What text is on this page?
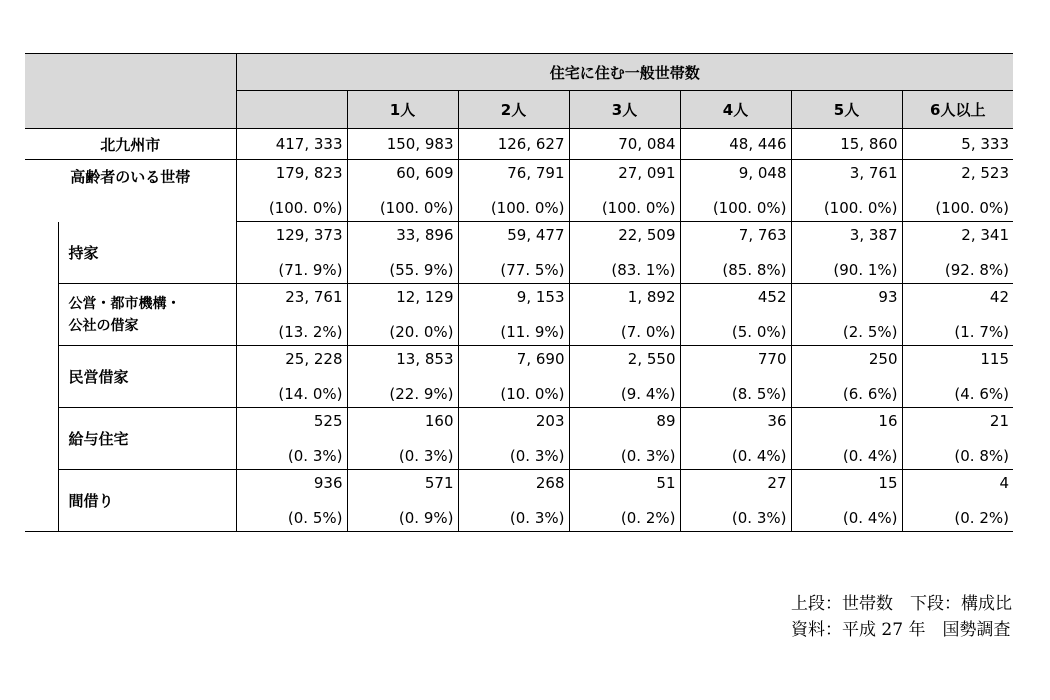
		住宅に住む一般世帯数						
			1人	2人	3人	4人	5人	6人以上
北九州市		417, 333	150, 983	126, 627	70, 084	48, 446	15, 860	5, 333
高齢者のいる世帯		179, 823	60, 609	76, 791	27, 091	9, 048	3, 761	2, 523
		(100. 0%)	(100. 0%)	(100. 0%)	(100. 0%)	(100. 0%)	(100. 0%)	(100. 0%)

	持家	129, 373	33, 896	59, 477	22, 509	7, 763	3, 387	2, 341
		(71. 9%)	(55. 9%)	(77. 5%)	(83. 1%)	(85. 8%)	(90. 1%)	(92. 8%)

	公営・都市機構・
公社の借家	23, 761	12, 129	9, 153	1, 892	452	93	42
		(13. 2%)	(20. 0%)	(11. 9%)	(7. 0%)	(5. 0%)	(2. 5%)	(1. 7%)

	民営借家	25, 228	13, 853	7, 690	2, 550	770	250	115
		(14. 0%)	(22. 9%)	(10. 0%)	(9. 4%)	(8. 5%)	(6. 6%)	(4. 6%)

	給与住宅	525	160	203	89	36	16	21
		(0. 3%)	(0. 3%)	(0. 3%)	(0. 3%)	(0. 4%)	(0. 4%)	(0. 8%)

	間借り	936	571	268	51	27	15	4
		(0. 5%)	(0. 9%)	(0. 3%)	(0. 2%)	(0. 3%)	(0. 4%)	(0. 2%)
上段：世帯数　下段：構成比
資料：平成 27 年　国勢調査
